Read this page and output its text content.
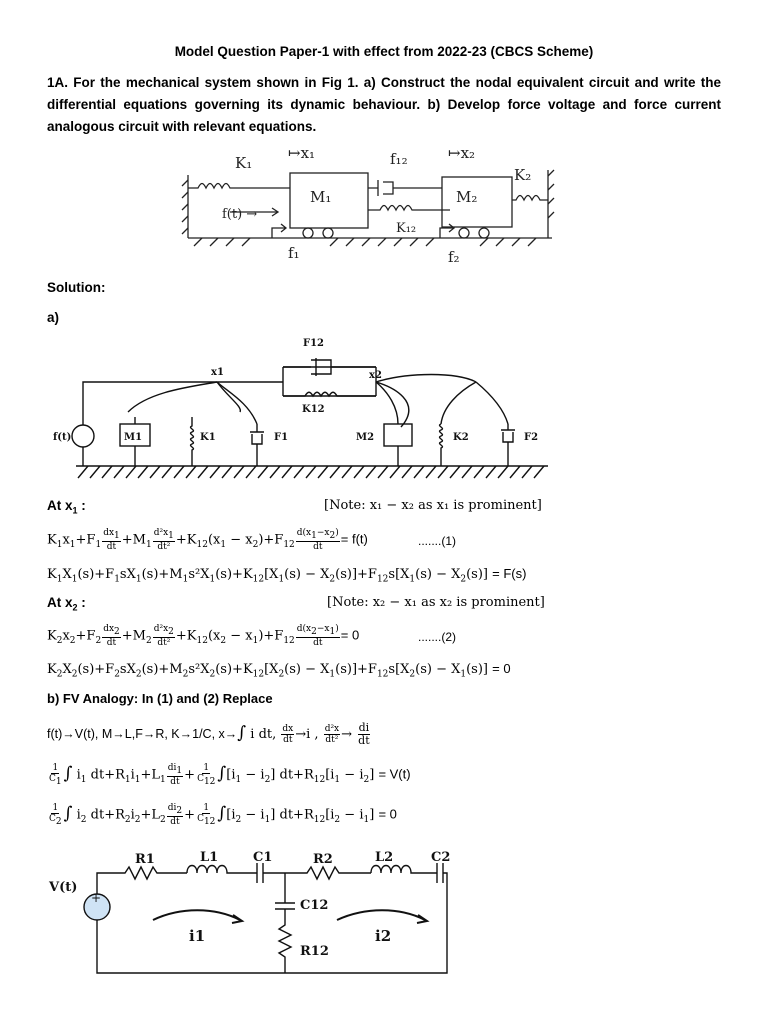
Model Question Paper-1 with effect from 2022-23 (CBCS Scheme)
1A. For the mechanical system shown in Fig 1. a) Construct the nodal equivalent circuit and write the differential equations governing its dynamic behaviour. b) Develop force voltage and force current analogous circuit with relevant equations.
K₁
↦x₁	f₁₂	↦x₂
K₂
M₁	M₂
f(t) →
K₁₂
f₁	f₂
Solution:
a)
F12
K12
x1	x2
f(t)	M1	K1	F1	M2	K2	F2
At $x_1$ :	[Note: x₁ − x₂ as x₁ is prominent]
$K_1x_1+F_1 \frac{dx_1}{dt} +M_1 \frac{d^2x_1}{\text{dt²}} +K_{12}(x_1 - x_2)+F_{12} \frac{d(x_1-x_2)}{dt} = f(t)$	.......(1)
$K_1X_1(s)+F_1sX_1(s)+M_1s^2X_1(s)+K_{12}[X_1(s) - X_2(s)]+F_{12}s[X_1(s) - X_2(s)] = F(s)$
At $x_2$ :	[Note: x₂ − x₁ as x₂ is prominent]
$K_2x_2+F_2 \frac{dx_2}{dt} +M_2 \frac{d^2x_2}{\text{dt²}} +K_{12}(x_2 - x_1)+F_{12} \frac{d(x_2-x_1)}{dt} = 0$	.......(2)
$K_2X_2(s)+F_2sX_2(s)+M_2s^2X_2(s)+K_{12}[X_2(s) - X_1(s)]+F_{12}s[X_2(s) - X_1(s)] = 0$
b) FV Analogy: In (1) and (2) Replace
f(t)→V(t), M→L,F→R, K→1/C, x→∫ i dt, $\frac{dx}{dt} \to i$ , $\frac{\text{d²x}}{\text{dt²}} \to \frac{di}{dt}$
$\frac{1}{C_1}$ ∫ $i_1$ $dt+R_1i_1+L_1 \frac{di_1}{dt} + \frac{1}{C_{12}} \int[i_1 - i_2] dt+R_{12}[i_1 - i_2] = V(t)$
$\frac{1}{C_2}$ ∫ $i_2$ $dt+R_2i_2+L_2 \frac{di_2}{dt} + \frac{1}{C_{12}} \int[i_2 - i_1] dt+R_{12}[i_2 - i_1] = 0$
+
V(t)
R1	L1	C1	R2	L2	C2
C12
R12
i1	i2
